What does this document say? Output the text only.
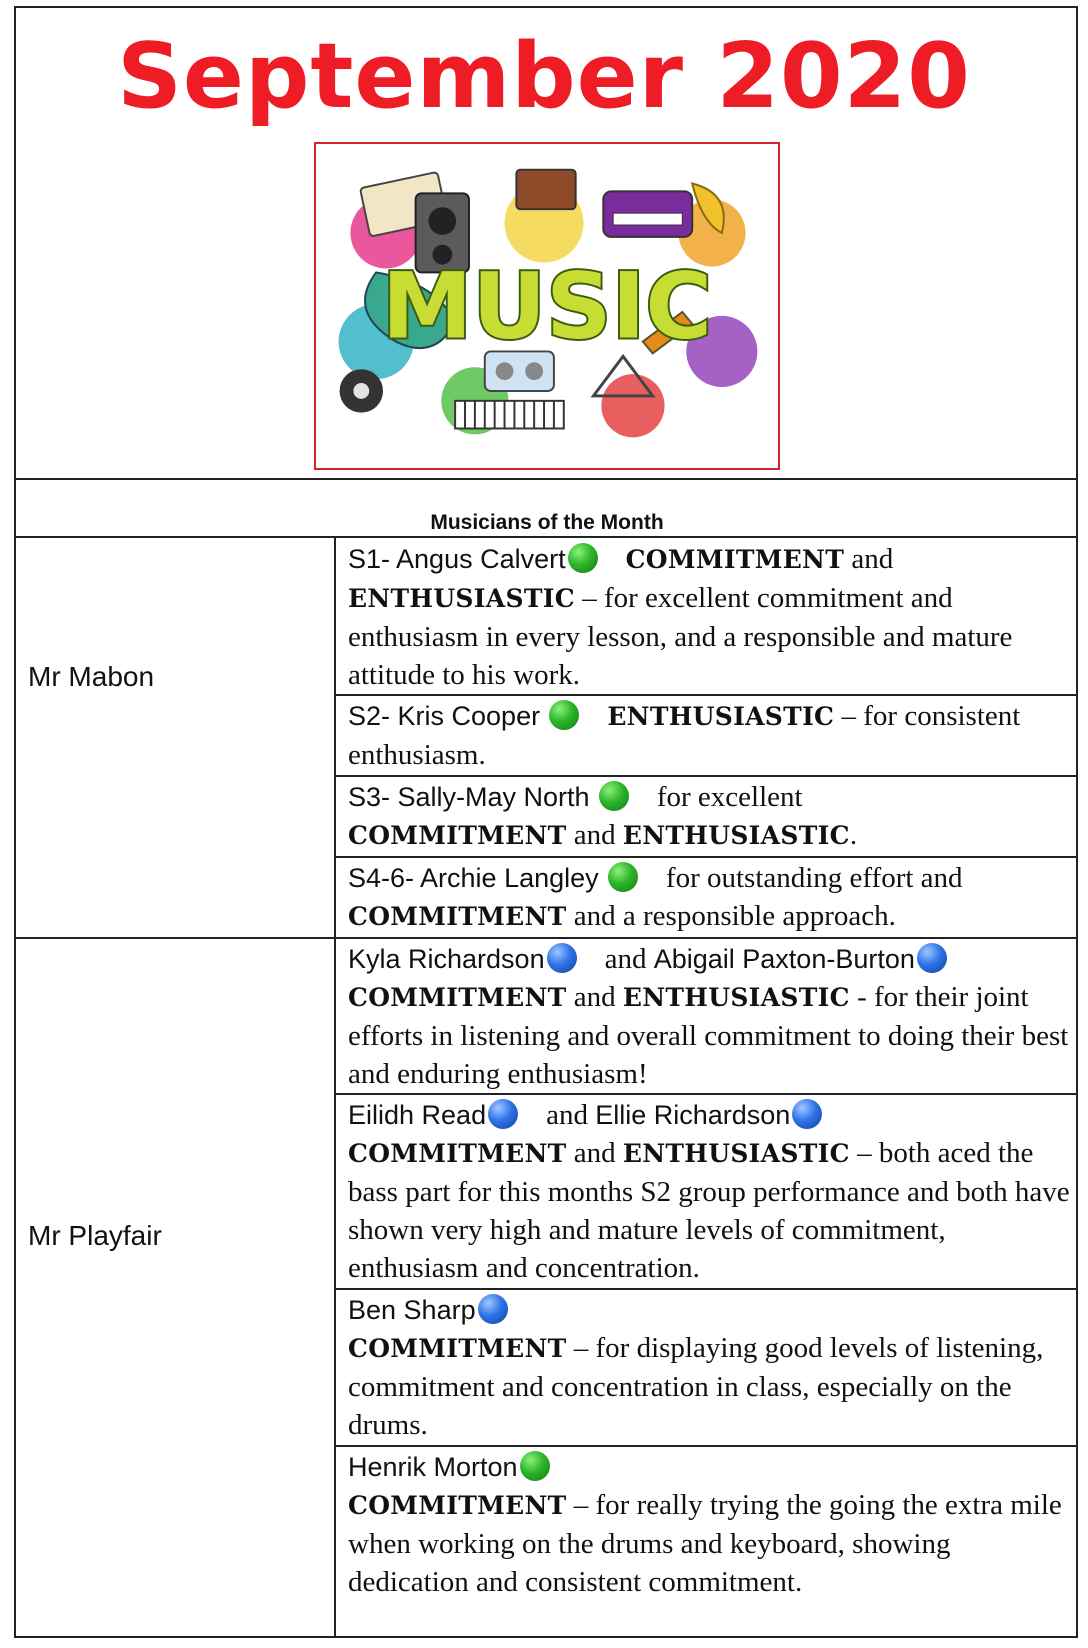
September 2020
MUSIC
Musicians of the Month
Mr Mabon
Mr Playfair
S1- Angus Calvert COMMITMENT and ENTHUSIASTIC – for excellent commitment and enthusiasm in every lesson, and a responsible and mature attitude to his work.
S2- Kris Cooper	ENTHUSIASTIC – for consistent enthusiasm.
S3- Sally-May North for excellent
COMMITMENT and ENTHUSIASTIC.
S4-6- Archie Langley for outstanding effort and
COMMITMENT and a responsible approach.
Kyla Richardson and Abigail Paxton-Burton
COMMITMENT and ENTHUSIASTIC - for their joint efforts in listening and overall commitment to doing their best and enduring enthusiasm!
Eilidh Read and Ellie Richardson
COMMITMENT and ENTHUSIASTIC – both aced the bass part for this months S2 group performance and both have shown very high and mature levels of commitment, enthusiasm and concentration.
Ben Sharp
COMMITMENT – for displaying good levels of listening, commitment and concentration in class, especially on the drums.
Henrik Morton
COMMITMENT – for really trying the going the extra mile when working on the drums and keyboard, showing dedication and consistent commitment.
